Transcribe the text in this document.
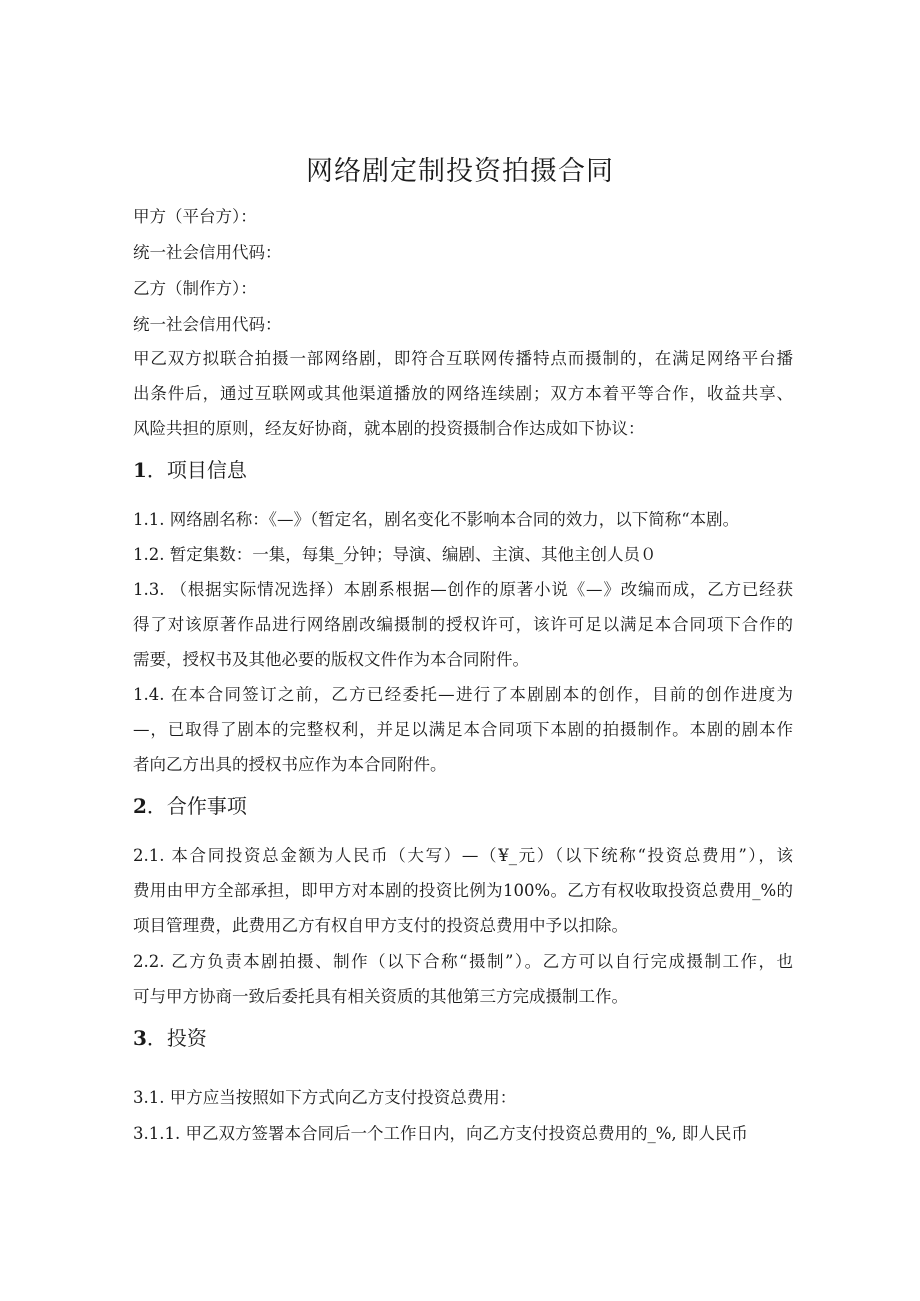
网络剧定制投资拍摄合同
甲方（平台方）：
统一社会信用代码：
乙方（制作方）：
统一社会信用代码：
甲乙双方拟联合拍摄一部网络剧，即符合互联网传播特点而摄制的，在满足网络平台播
出条件后，通过互联网或其他渠道播放的网络连续剧；双方本着平等合作，收益共享、
风险共担的原则，经友好协商，就本剧的投资摄制合作达成如下协议：
1．项目信息
1.1. 网络剧名称：《—》（暂定名，剧名变化不影响本合同的效力，以下简称“本剧。
1.2. 暂定集数：一集，每集_分钟；导演、编剧、主演、其他主创人员０
1.3. （根据实际情况选择）本剧系根据—创作的原著小说《—》改编而成，乙方已经获
得了对该原著作品进行网络剧改编摄制的授权许可，该许可足以满足本合同项下合作的
需要，授权书及其他必要的版权文件作为本合同附件。
1.4. 在本合同签订之前，乙方已经委托—进行了本剧剧本的创作，目前的创作进度为
—，已取得了剧本的完整权利，并足以满足本合同项下本剧的拍摄制作。本剧的剧本作
者向乙方出具的授权书应作为本合同附件。
2．合作事项
2.1. 本合同投资总金额为人民币（大写）—（¥_元）（以下统称“投资总费用”），该
费用由甲方全部承担，即甲方对本剧的投资比例为100%。乙方有权收取投资总费用_%的
项目管理费，此费用乙方有权自甲方支付的投资总费用中予以扣除。
2.2. 乙方负责本剧拍摄、制作（以下合称“摄制”）。乙方可以自行完成摄制工作，也
可与甲方协商一致后委托具有相关资质的其他第三方完成摄制工作。
3．投资
3.1. 甲方应当按照如下方式向乙方支付投资总费用：
3.1.1. 甲乙双方签署本合同后一个工作日内，向乙方支付投资总费用的_%, 即人民币
